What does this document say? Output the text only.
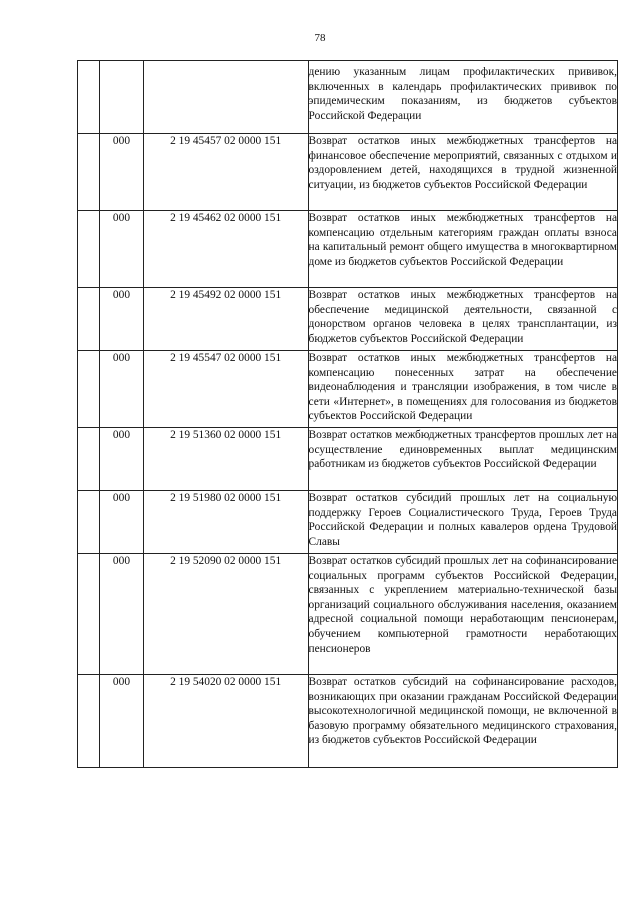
78

			дению указанным лицам профилактических прививок, включенных в календарь профилактических прививок по эпидемическим показаниям, из бюджетов субъектов Российской Федерации

	000	2 19 45457 02 0000 151	Возврат остатков иных межбюджетных трансфертов на финансовое обеспечение мероприятий, связанных с отдыхом и оздоровлением детей, находящихся в трудной жизненной ситуации, из бюджетов субъектов Российской Федерации

	000	2 19 45462 02 0000 151	Возврат остатков иных межбюджетных трансфертов на компенсацию отдельным категориям граждан оплаты взноса на капитальный ремонт общего имущества в многоквартирном доме из бюджетов субъектов Российской Федерации

	000	2 19 45492 02 0000 151	Возврат остатков иных межбюджетных трансфертов на обеспечение медицинской деятельности, связанной с донорством органов человека в целях трансплантации, из бюджетов субъектов Российской Федерации

	000	2 19 45547 02 0000 151	Возврат остатков иных межбюджетных трансфертов на компенсацию понесенных затрат на обеспечение видеонаблюдения и трансляции изображения, в том числе в сети «Интернет», в помещениях для голосования из бюджетов субъектов Российской Федерации

	000	2 19 51360 02 0000 151	Возврат остатков межбюджетных трансфертов прошлых лет на осуществление единовременных выплат медицинским работникам из бюджетов субъектов Российской Федерации

	000	2 19 51980 02 0000 151	Возврат остатков субсидий прошлых лет на социальную поддержку Героев Социалистического Труда, Героев Труда Российской Федерации и полных кавалеров ордена Трудовой Славы

	000	2 19 52090 02 0000 151	Возврат остатков субсидий прошлых лет на софинансирование социальных программ субъектов Российской Федерации, связанных с укреплением материально-технической базы организаций социального обслуживания населения, оказанием адресной социальной помощи неработающим пенсионерам, обучением компьютерной грамотности неработающих пенсионеров

	000	2 19 54020 02 0000 151	Возврат остатков субсидий на софинансирование расходов, возникающих при оказании гражданам Российской Федерации высокотехнологичной медицинской помощи, не включенной в базовую программу обязательного медицинского страхования, из бюджетов субъектов Российской Федерации
